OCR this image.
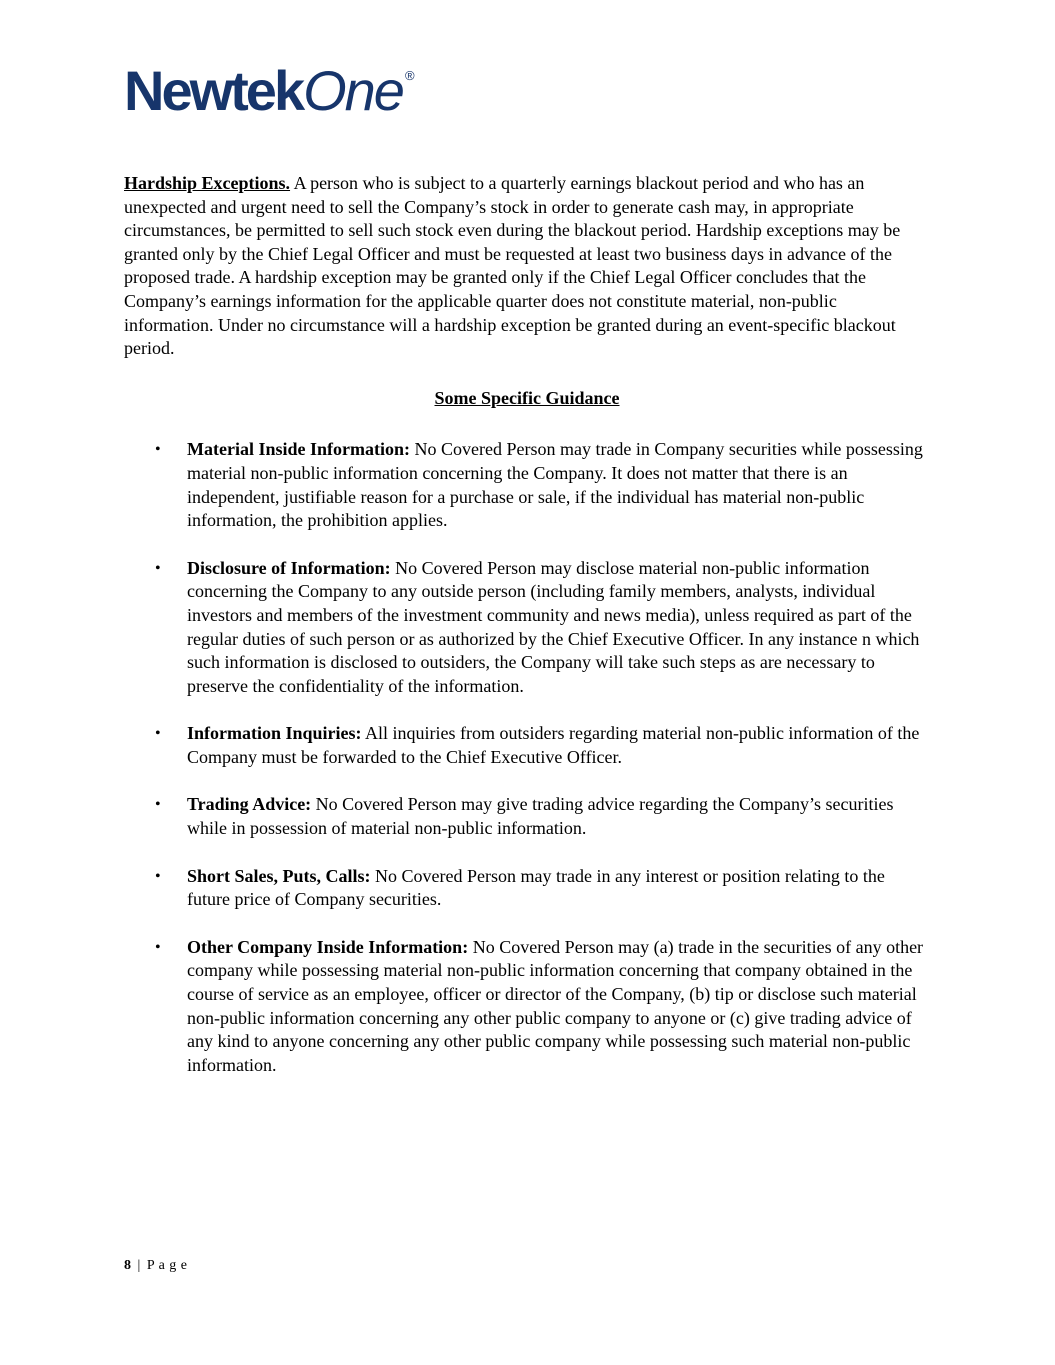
NewtekOne ®

Hardship Exceptions. A person who is subject to a quarterly earnings blackout period and who has an unexpected and urgent need to sell the Company’s stock in order to generate cash may, in appropriate circumstances, be permitted to sell such stock even during the blackout period. Hardship exceptions may be granted only by the Chief Legal Officer and must be requested at least two business days in advance of the proposed trade. A hardship exception may be granted only if the Chief Legal Officer concludes that the Company’s earnings information for the applicable quarter does not constitute material, non-public information. Under no circumstance will a hardship exception be granted during an event-specific blackout period.

Some Specific Guidance
•	Material Inside Information: No Covered Person may trade in Company securities while possessing material non-public information concerning the Company. It does not matter that there is an independent, justifiable reason for a purchase or sale, if the individual has material non-public information, the prohibition applies.
•	Disclosure of Information: No Covered Person may disclose material non-public information concerning the Company to any outside person (including family members, analysts, individual investors and members of the investment community and news media), unless required as part of the regular duties of such person or as authorized by the Chief Executive Officer. In any instance n which such information is disclosed to outsiders, the Company will take such steps as are necessary to preserve the confidentiality of the information.
•	Information Inquiries: All inquiries from outsiders regarding material non-public information of the Company must be forwarded to the Chief Executive Officer.
•	Trading Advice: No Covered Person may give trading advice regarding the Company’s securities while in possession of material non-public information.
•	Short Sales, Puts, Calls: No Covered Person may trade in any interest or position relating to the future price of Company securities.
•	Other Company Inside Information: No Covered Person may (a) trade in the securities of any other company while possessing material non-public information concerning that company obtained in the course of service as an employee, officer or director of the Company, (b) tip or disclose such material non-public information concerning any other public company to anyone or (c) give trading advice of any kind to anyone concerning any other public company while possessing such material non-public information.
8 | P a g e
